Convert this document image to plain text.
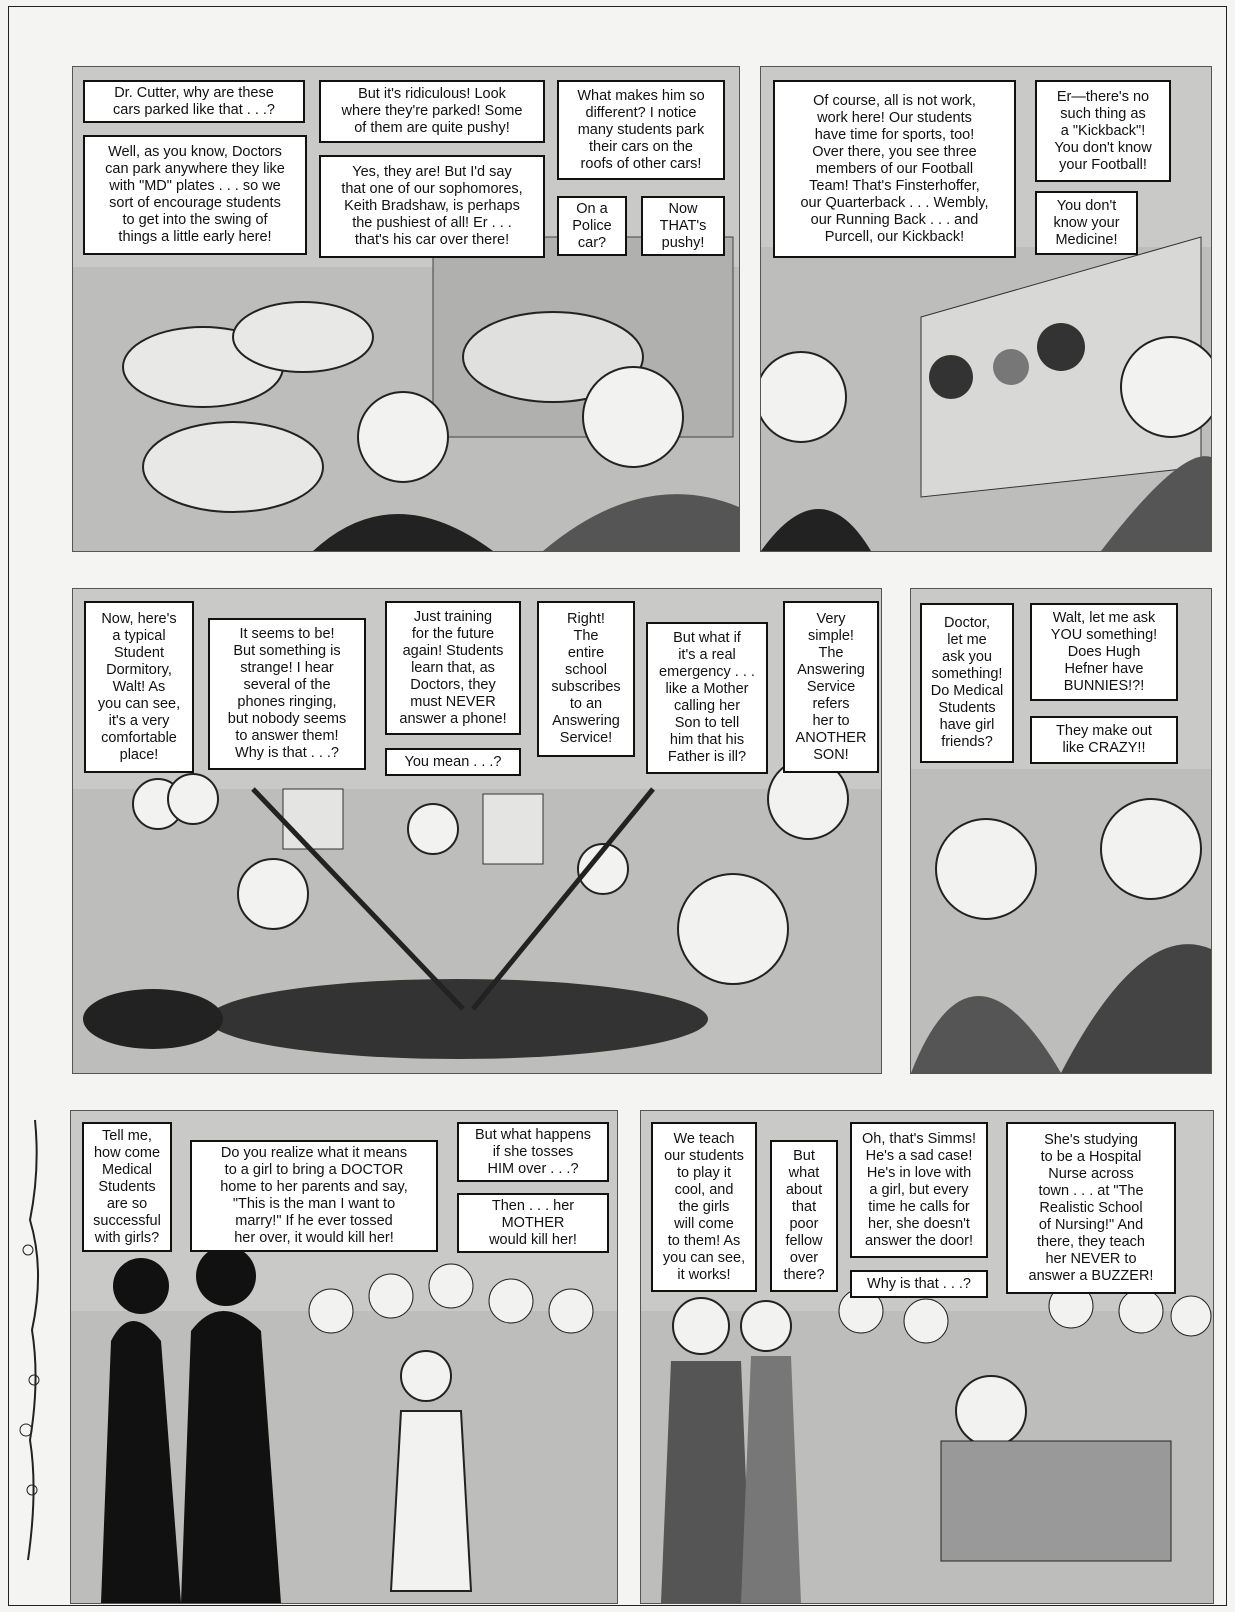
Dr. Cutter, why are these
cars parked like that . . .?
Well, as you know, Doctors
can park anywhere they like
with "MD" plates . . . so we
sort of encourage students
to get into the swing of
things a little early here!
But it's ridiculous! Look
where they're parked! Some
of them are quite pushy!
Yes, they are! But I'd say
that one of our sophomores,
Keith Bradshaw, is perhaps
the pushiest of all! Er . . .
that's his car over there!
What makes him so
different? I notice
many students park
their cars on the
roofs of other cars!
On a
Police
car?
Now
THAT's
pushy!
Of course, all is not work,
work here! Our students
have time for sports, too!
Over there, you see three
members of our Football
Team! That's Finsterhoffer,
our Quarterback . . . Wembly,
our Running Back . . . and
Purcell, our Kickback!
Er—there's no
such thing as
a "Kickback"!
You don't know
your Football!
You don't
know your
Medicine!
Now, here's
a typical
Student
Dormitory,
Walt! As
you can see,
it's a very
comfortable
place!
It seems to be!
But something is
strange! I hear
several of the
phones ringing,
but nobody seems
to answer them!
Why is that . . .?
Just training
for the future
again! Students
learn that, as
Doctors, they
must NEVER
answer a phone!
You mean . . .?
Right!
The
entire
school
subscribes
to an
Answering
Service!
But what if
it's a real
emergency . . .
like a Mother
calling her
Son to tell
him that his
Father is ill?
Very
simple!
The
Answering
Service
refers
her to
ANOTHER
SON!
Doctor,
let me
ask you
something!
Do Medical
Students
have girl
friends?
Walt, let me ask
YOU something!
Does Hugh
Hefner have
BUNNIES!?!
They make out
like CRAZY!!
Tell me,
how come
Medical
Students
are so
successful
with girls?
Do you realize what it means
to a girl to bring a DOCTOR
home to her parents and say,
"This is the man I want to
marry!" If he ever tossed
her over, it would kill her!
But what happens
if she tosses
HIM over . . .?
Then . . . her
MOTHER
would kill her!
We teach
our students
to play it
cool, and
the girls
will come
to them! As
you can see,
it works!
But
what
about
that
poor
fellow
over
there?
Oh, that's Simms!
He's a sad case!
He's in love with
a girl, but every
time he calls for
her, she doesn't
answer the door!
Why is that . . .?
She's studying
to be a Hospital
Nurse across
town . . . at "The
Realistic School
of Nursing!" And
there, they teach
her NEVER to
answer a BUZZER!
